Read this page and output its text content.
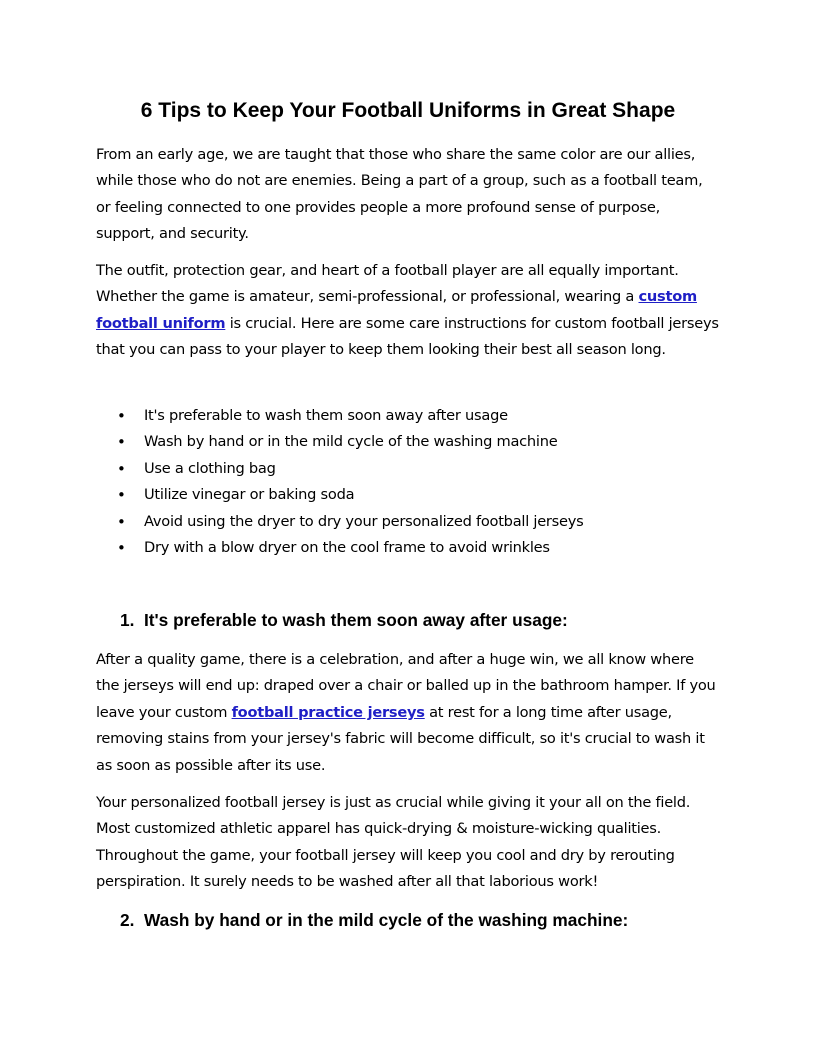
6 Tips to Keep Your Football Uniforms in Great Shape

From an early age, we are taught that those who share the same color are our allies, while those who do not are enemies. Being a part of a group, such as a football team, or feeling connected to one provides people a more profound sense of purpose, support, and security.

The outfit, protection gear, and heart of a football player are all equally important. Whether the game is amateur, semi-professional, or professional, wearing a custom football uniform is crucial. Here are some care instructions for custom football jerseys that you can pass to your player to keep them looking their best all season long.

• It's preferable to wash them soon away after usage
• Wash by hand or in the mild cycle of the washing machine
• Use a clothing bag
• Utilize vinegar or baking soda
• Avoid using the dryer to dry your personalized football jerseys
• Dry with a blow dryer on the cool frame to avoid wrinkles
1. It's preferable to wash them soon away after usage:

After a quality game, there is a celebration, and after a huge win, we all know where the jerseys will end up: draped over a chair or balled up in the bathroom hamper. If you leave your custom football practice jerseys at rest for a long time after usage, removing stains from your jersey's fabric will become difficult, so it's crucial to wash it as soon as possible after its use.

Your personalized football jersey is just as crucial while giving it your all on the field. Most customized athletic apparel has quick-drying & moisture-wicking qualities. Throughout the game, your football jersey will keep you cool and dry by rerouting perspiration. It surely needs to be washed after all that laborious work!

2. Wash by hand or in the mild cycle of the washing machine:
